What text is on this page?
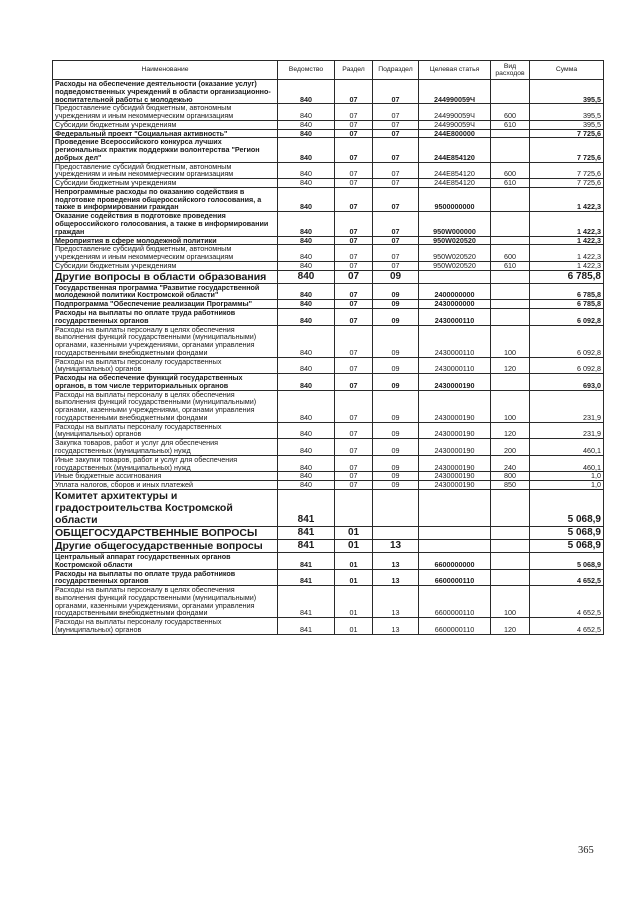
Наименование	Ведомство	Раздел	Подраздел	Целевая статья	Вид расходов	Сумма
Расходы на обеспечение деятельности (оказание услуг) подведомственных учреждений в области организационно-воспитательной работы с молодежью	840	07	07	244990059Ч		395,5
Предоставление субсидий бюджетным, автономным учреждениям и иным некоммерческим организациям	840	07	07	244990059Ч	600	395,5
Субсидии бюджетным учреждениям	840	07	07	244990059Ч	610	395,5
Федеральный проект "Социальная активность"	840	07	07	244E800000		7 725,6
Проведение Всероссийского конкурса лучших региональных практик поддержки волонтерства "Регион добрых дел"	840	07	07	244E854120		7 725,6
Предоставление субсидий бюджетным, автономным учреждениям и иным некоммерческим организациям	840	07	07	244E854120	600	7 725,6
Субсидии бюджетным учреждениям	840	07	07	244E854120	610	7 725,6
Непрограммные расходы по оказанию содействия в подготовке проведения общероссийского голосования, а также в информировании граждан	840	07	07	9500000000		1 422,3
Оказание содействия в подготовке проведения общероссийского голосования, а также в информировании граждан	840	07	07	950W000000		1 422,3
Мероприятия в сфере молодежной политики	840	07	07	950W020520		1 422,3
Предоставление субсидий бюджетным, автономным учреждениям и иным некоммерческим организациям	840	07	07	950W020520	600	1 422,3
Субсидии бюджетным учреждениям	840	07	07	950W020520	610	1 422,3
Другие вопросы в области образования	840	07	09			6 785,8
Государственная программа "Развитие государственной молодежной политики Костромской области"	840	07	09	2400000000		6 785,8
Подпрограмма "Обеспечение реализации Программы"	840	07	09	2430000000		6 785,8
Расходы на выплаты по оплате труда работников государственных органов	840	07	09	2430000110		6 092,8
Расходы на выплаты персоналу в целях обеспечения выполнения функций государственными (муниципальными) органами, казенными учреждениями, органами управления государственными внебюджетными фондами	840	07	09	2430000110	100	6 092,8
Расходы на выплаты персоналу государственных (муниципальных) органов	840	07	09	2430000110	120	6 092,8
Расходы на обеспечение функций государственных органов, в том числе территориальных органов	840	07	09	2430000190		693,0
Расходы на выплаты персоналу в целях обеспечения выполнения функций государственными (муниципальными) органами, казенными учреждениями, органами управления государственными внебюджетными фондами	840	07	09	2430000190	100	231,9
Расходы на выплаты персоналу государственных (муниципальных) органов	840	07	09	2430000190	120	231,9
Закупка товаров, работ и услуг для обеспечения государственных (муниципальных) нужд	840	07	09	2430000190	200	460,1
Иные закупки товаров, работ и услуг для обеспечения государственных (муниципальных) нужд	840	07	09	2430000190	240	460,1
Иные бюджетные ассигнования	840	07	09	2430000190	800	1,0
Уплата налогов, сборов и иных платежей	840	07	09	2430000190	850	1,0
Комитет архитектуры и градостроительства Костромской области	841					5 068,9
ОБЩЕГОСУДАРСТВЕННЫЕ ВОПРОСЫ	841	01				5 068,9
Другие общегосударственные вопросы	841	01	13			5 068,9
Центральный аппарат государственных органов Костромской области	841	01	13	6600000000		5 068,9
Расходы на выплаты по оплате труда работников государственных органов	841	01	13	6600000110		4 652,5
Расходы на выплаты персоналу в целях обеспечения выполнения функций государственными (муниципальными) органами, казенными учреждениями, органами управления государственными внебюджетными фондами	841	01	13	6600000110	100	4 652,5
Расходы на выплаты персоналу государственных (муниципальных) органов	841	01	13	6600000110	120	4 652,5
365
